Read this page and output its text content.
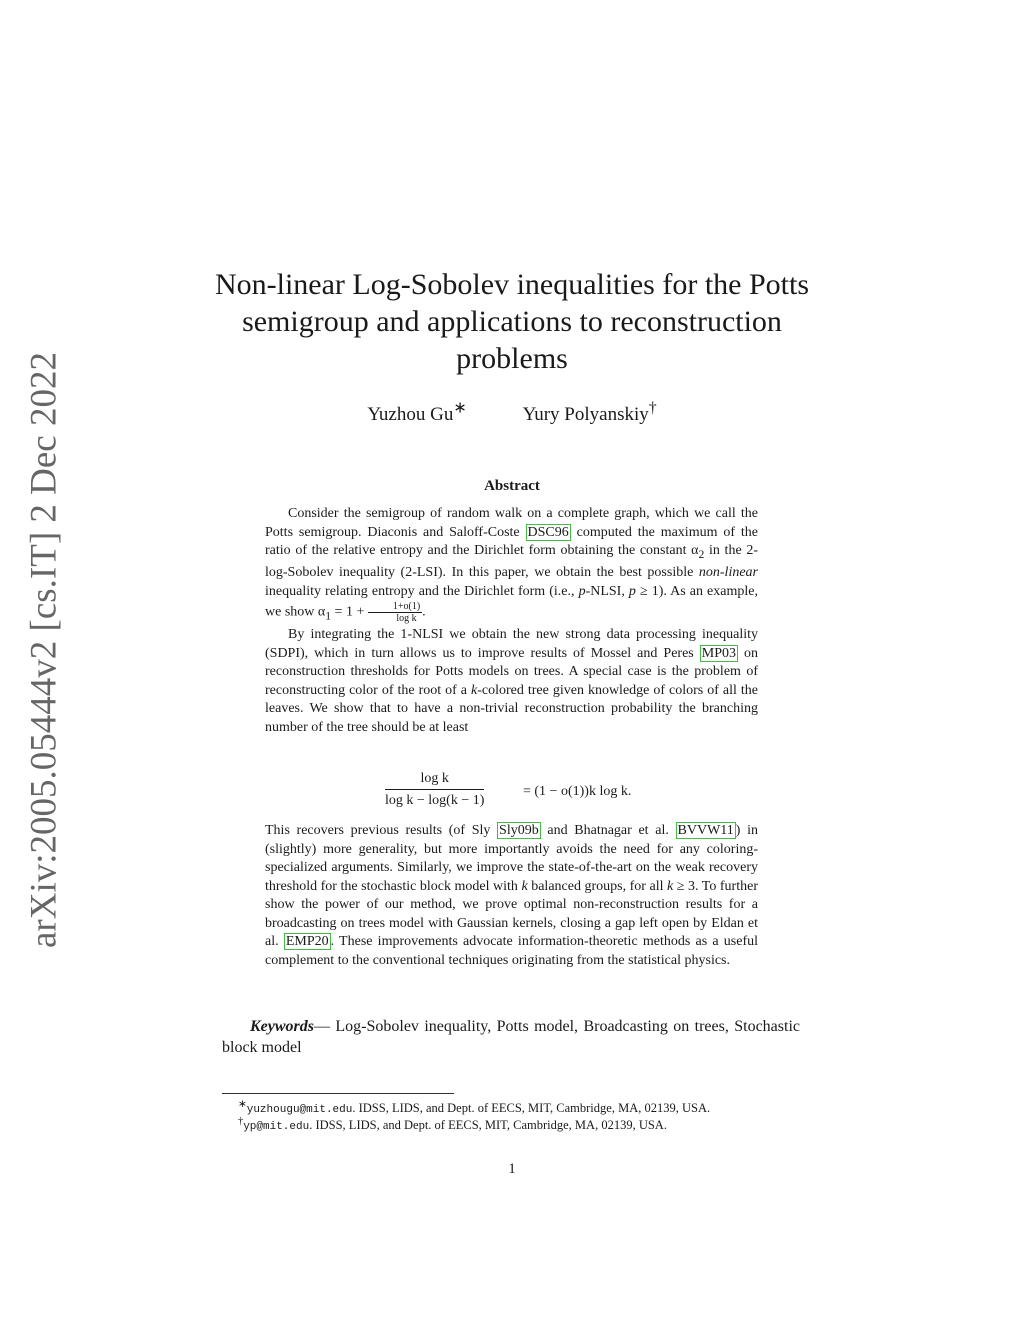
arXiv:2005.05444v2 [cs.IT] 2 Dec 2022
Non-linear Log-Sobolev inequalities for the Potts semigroup and applications to reconstruction problems
Yuzhou Gu∗	Yury Polyanskiy†
Abstract

Consider the semigroup of random walk on a complete graph, which we call the Potts semigroup. Diaconis and Saloff-Coste DSC96 computed the maximum of the ratio of the relative entropy and the Dirichlet form obtaining the constant $\alpha_2$ in the 2-log-Sobolev inequality (2-LSI). In this paper, we obtain the best possible non-linear inequality relating entropy and the Dirichlet form (i.e., p-NLSI, p ≥ 1). As an example, we show $\alpha_1 = 1 + \frac{1+o(1)}{\text{log k}}$ .

By integrating the 1-NLSI we obtain the new strong data processing inequality (SDPI), which in turn allows us to improve results of Mossel and Peres MP03 on reconstruction thresholds for Potts models on trees. A special case is the problem of reconstructing color of the root of a k-colored tree given knowledge of colors of all the leaves. We show that to have a non-trivial reconstruction probability the branching number of the tree should be at least

log k
log k − log(k − 1)
= (1 − o(1))k log k.

This recovers previous results (of Sly Sly09b and Bhatnagar et al. BVVW11 ) in (slightly) more generality, but more importantly avoids the need for any coloring-specialized arguments. Similarly, we improve the state-of-the-art on the weak recovery threshold for the stochastic block model with k balanced groups, for all k ≥ 3. To further show the power of our method, we prove optimal non-reconstruction results for a broadcasting on trees model with Gaussian kernels, closing a gap left open by Eldan et al. EMP20 . These improvements advocate information-theoretic methods as a useful complement to the conventional techniques originating from the statistical physics.

Keywords— Log-Sobolev inequality, Potts model, Broadcasting on trees, Stochastic block model

∗yuzhougu@mit.edu. IDSS, LIDS, and Dept. of EECS, MIT, Cambridge, MA, 02139, USA.

†yp@mit.edu. IDSS, LIDS, and Dept. of EECS, MIT, Cambridge, MA, 02139, USA.

1
